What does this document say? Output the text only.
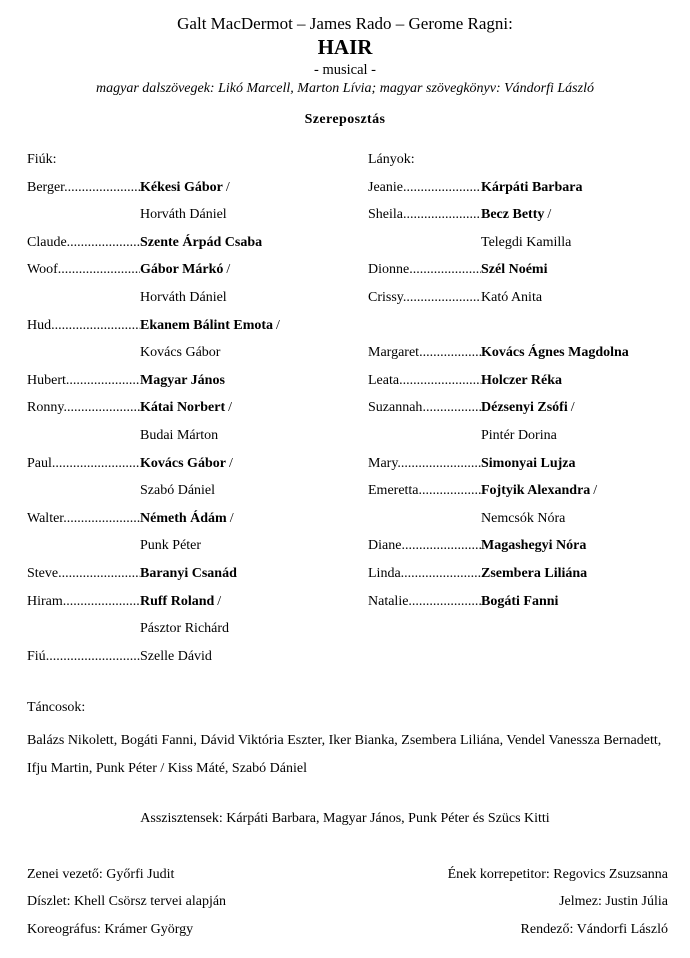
Galt MacDermot – James Rado – Gerome Ragni:
HAIR
- musical -
magyar dalszövegek: Likó Marcell, Marton Lívia; magyar szövegkönyv: Vándorfi László
Szereposztás
Fiúk:
Berger .....	Kékesi Gábor /
Horváth Dániel
Claude .....	Szente Árpád Csaba
Woof .....	Gábor Márkó /
Horváth Dániel
Hud .....	Ekanem Bálint Emota /
Kovács Gábor
Hubert .....	Magyar János
Ronny .....	Kátai Norbert /
Budai Márton
Paul .....	Kovács Gábor /
Szabó Dániel
Walter .....	Németh Ádám /
Punk Péter
Steve .....	Baranyi Csanád
Hiram .....	Ruff Roland /
Pásztor Richárd
Fiú .....	Szelle Dávid
Lányok:
Jeanie .....	Kárpáti Barbara
Sheila .....	Becz Betty /
Telegdi Kamilla
Dionne .....	Szél Noémi
Crissy .....	Kató Anita
Margaret .....	Kovács Ágnes Magdolna
Leata .....	Holczer Réka
Suzannah .....	Dézsenyi Zsófi /
Pintér Dorina
Mary .....	Simonyai Lujza
Emeretta .....	Fojtyik Alexandra /
Nemcsók Nóra
Diane .....	Magashegyi Nóra
Linda .....	Zsembera Liliána
Natalie .....	Bogáti Fanni
Táncosok:
Balázs Nikolett, Bogáti Fanni, Dávid Viktória Eszter, Iker Bianka, Zsembera Liliána, Vendel Vanessza Bernadett, Ifju Martin, Punk Péter / Kiss Máté, Szabó Dániel
Asszisztensek: Kárpáti Barbara, Magyar János, Punk Péter és Szücs Kitti
Zenei vezető: Győrfi Judit	Ének korrepetitor: Regovics Zsuzsanna
Díszlet: Khell Csörsz tervei alapján	Jelmez: Justin Júlia
Koreográfus: Krámer György	Rendező: Vándorfi László
